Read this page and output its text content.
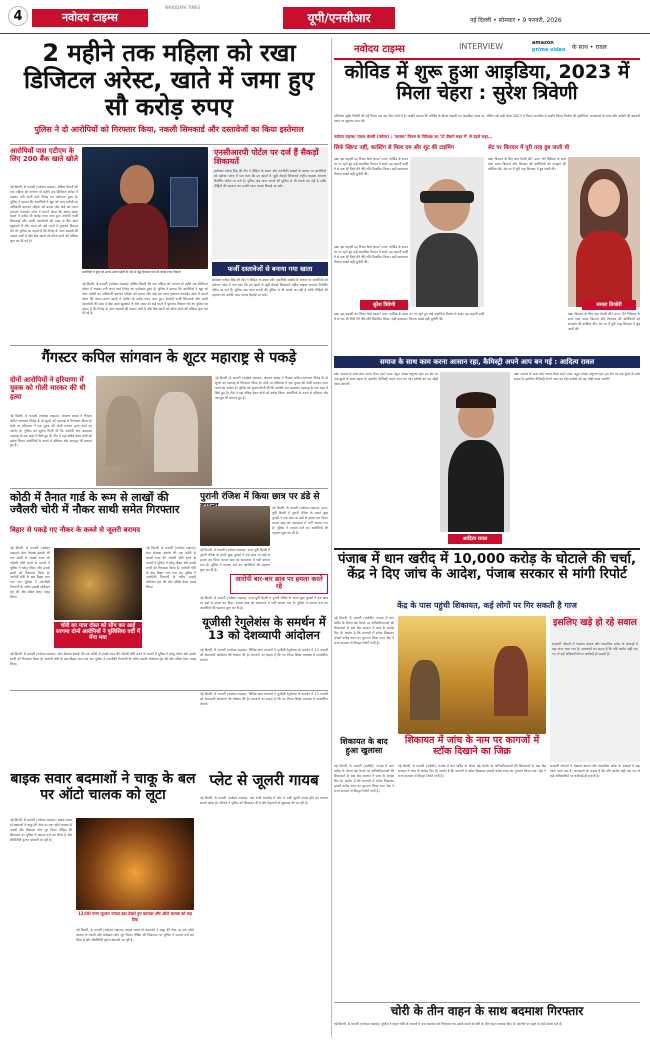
4	नवोदय टाइम्स
NAVODAYA TIMES
यूपी/एनसीआर	नई दिल्ली • सोमवार • 9 फरवरी, 2026
2 महीने तक महिला को रखा डिजिटल अरेस्ट, खाते में जमा हुए सौ करोड़ रुपए
पुलिस ने दो आरोपियों को गिरफ्तार किया, नकली सिमकार्ड और दस्तावेजों का किया इस्तेमाल
आरोपियों पास एटीएम के लिए 200 बैंक खाते खोले
आरोपियों ने कुछ को अलग-अलग खातों के नाम से वृद्ध हिरासत पता सौ करोड़ रुपए निकाले
एनसीआरपी पोर्टल पर दर्ज हैं सैकड़ों शिकायतें
इंस्पेक्टर राकेश सिंह की टीम ने पीड़िता के बयान और तकनीकी साक्ष्यों के आधार पर आरोपियों को दबोचा। जांच में पता चला कि इन खातों से जुड़ी सैकड़ों शिकायतें राष्ट्रीय साइबर अपराध रिपोर्टिंग पोर्टल पर दर्ज हैं। पुलिस अब अन्य राज्यों की पुलिस से भी संपर्क कर रही है ताकि पीड़ितों की पहचान कर उनकी रकम वापस दिलाई जा सके।
नई दिल्ली, 8 फरवरी (नवोदय टाइम्स): दक्षिण दिल्ली की एक महिला को लगभग दो महीने तक डिजिटल अरेस्ट में रखकर ठगी करने वाले गिरोह का पर्दाफाश हुआ है। पुलिस ने बताया कि आरोपियों ने खुद को जांच एजेंसी का अधिकारी बताकर महिला को डराया और कई बार रकम ट्रांसफर करवाई। जांच में सामने आया कि अलग-अलग खातों में करीब सौ करोड़ रुपए जमा हुए। आरोपी फर्जी सिमकार्ड और जाली दस्तावेजों की मदद से बैंक खाते खुलवाते थे और रकम को कई परतों में घुमाकर निकाल लेते थे। पुलिस का कहना है कि गिरोह के अन्य सदस्यों की तलाश जारी है और बैंक खातों को फ्रीज करने की प्रक्रिया शुरू कर दी गई है।
नई दिल्ली, 8 फरवरी (नवोदय टाइम्स): दक्षिण दिल्ली की एक महिला को लगभग दो महीने तक डिजिटल अरेस्ट में रखकर ठगी करने वाले गिरोह का पर्दाफाश हुआ है। पुलिस ने बताया कि आरोपियों ने खुद को जांच एजेंसी का अधिकारी बताकर महिला को डराया और कई बार रकम ट्रांसफर करवाई। जांच में सामने आया कि अलग-अलग खातों में करीब सौ करोड़ रुपए जमा हुए। आरोपी फर्जी सिमकार्ड और जाली दस्तावेजों की मदद से बैंक खाते खुलवाते थे और रकम को कई परतों में घुमाकर निकाल लेते थे। पुलिस का कहना है कि गिरोह के अन्य सदस्यों की तलाश जारी है और बैंक खातों को फ्रीज करने की प्रक्रिया शुरू कर दी गई है।
फर्जी दस्तावेजों से बनाया गया खाता
इंस्पेक्टर राकेश सिंह की टीम ने पीड़िता के बयान और तकनीकी साक्ष्यों के आधार पर आरोपियों को दबोचा। जांच में पता चला कि इन खातों से जुड़ी सैकड़ों शिकायतें राष्ट्रीय साइबर अपराध रिपोर्टिंग पोर्टल पर दर्ज हैं। पुलिस अब अन्य राज्यों की पुलिस से भी संपर्क कर रही है ताकि पीड़ितों की पहचान कर उनकी रकम वापस दिलाई जा सके।
गैंगस्टर कपिल सांगवान के शूटर महाराष्ट्र से पकड़े
दोनों आरोपियों ने हरियाणा में युवक को गोली मारकर की थी हत्या
नई दिल्ली, 8 फरवरी (नवोदय टाइम्स): अपराध शाखा ने गैंगस्टर कपिल सांगवान गिरोह के दो शूटरों को महाराष्ट्र से गिरफ्तार किया है। दोनों पर हरियाणा में एक युवक की गोली मारकर हत्या करने का आरोप है। पुलिस को सूचना मिली थी कि आरोपी नाम बदलकर महाराष्ट्र के एक शहर में छिपे हुए हैं। टीम ने वहां दबिश देकर दोनों को दबोच लिया। आरोपियों के कब्जे से हथियार और कारतूस भी बरामद हुए हैं।
नई दिल्ली, 8 फरवरी (नवोदय टाइम्स): अपराध शाखा ने गैंगस्टर कपिल सांगवान गिरोह के दो शूटरों को महाराष्ट्र से गिरफ्तार किया है। दोनों पर हरियाणा में एक युवक की गोली मारकर हत्या करने का आरोप है। पुलिस को सूचना मिली थी कि आरोपी नाम बदलकर महाराष्ट्र के एक शहर में छिपे हुए हैं। टीम ने वहां दबिश देकर दोनों को दबोच लिया। आरोपियों के कब्जे से हथियार और कारतूस भी बरामद हुए हैं।
कोठी में तैनात गार्ड के रूम से लाखों की ज्वैलरी चोरी में नौकर साथी समेत गिरफ्तार
बिहार से पकड़े गए नौकर के कब्जे से जूलरी बरामद
नई दिल्ली, 8 फरवरी (नवोदय टाइम्स): ग्रेटर कैलाश इलाके की एक कोठी से लाखों रुपए की ज्वैलरी चोरी करने के मामले में पुलिस ने घरेलू नौकर और उसके साथी को गिरफ्तार किया है। आरोपी चोरी के बाद बिहार भाग गया था। पुलिस ने तकनीकी निगरानी के जरिए उसकी लोकेशन ट्रेस की और दबिश देकर पकड़ लिया।
नई दिल्ली, 8 फरवरी (नवोदय टाइम्स): ग्रेटर कैलाश इलाके की एक कोठी से लाखों रुपए की ज्वैलरी चोरी करने के मामले में पुलिस ने घरेलू नौकर और उसके साथी को गिरफ्तार किया है। आरोपी चोरी के बाद बिहार भाग गया था। पुलिस ने तकनीकी निगरानी के जरिए उसकी लोकेशन ट्रेस की और दबिश देकर पकड़ लिया।
चोरी का माल दोस्त को सौंप कर आई सरगमा दोनों आरोपियों ने पुलिसिया वर्दी में मेंगा मया
नई दिल्ली, 8 फरवरी (नवोदय टाइम्स): ग्रेटर कैलाश इलाके की एक कोठी से लाखों रुपए की ज्वैलरी चोरी करने के मामले में पुलिस ने घरेलू नौकर और उसके साथी को गिरफ्तार किया है। आरोपी चोरी के बाद बिहार भाग गया था। पुलिस ने तकनीकी निगरानी के जरिए उसकी लोकेशन ट्रेस की और दबिश देकर पकड़ लिया।
पुरानी रंजिश में किया छात्र पर डंडे से
नई दिल्ली, 8 फरवरी (नवोदय टाइम्स): उत्तर-पूर्वी दिल्ली में पुरानी रंजिश के चलते कुछ युवकों ने एक छात्र पर डंडों से हमला कर दिया। घायल छात्र को अस्पताल में भर्ती कराया गया है। पुलिस ने मामला दर्ज कर आरोपियों की पहचान शुरू कर दी है।
नई दिल्ली, 8 फरवरी (नवोदय टाइम्स): उत्तर-पूर्वी दिल्ली में पुरानी रंजिश के चलते कुछ युवकों ने एक छात्र पर डंडों से हमला कर दिया। घायल छात्र को अस्पताल में भर्ती कराया गया है। पुलिस ने मामला दर्ज कर आरोपियों की पहचान शुरू कर दी है।
आरोपी बार-बार छात्र पर हमला करते रहे
नई दिल्ली, 8 फरवरी (नवोदय टाइम्स): उत्तर-पूर्वी दिल्ली में पुरानी रंजिश के चलते कुछ युवकों ने एक छात्र पर डंडों से हमला कर दिया। घायल छात्र को अस्पताल में भर्ती कराया गया है। पुलिस ने मामला दर्ज कर आरोपियों की पहचान शुरू कर दी है।
यूजीसी रेगुलेशंस के समर्थन में 13 को देशव्यापी आंदोलन
नई दिल्ली, 8 फरवरी (नवोदय टाइम्स): विभिन्न छात्र संगठनों ने यूजीसी रेगुलेशंस के समर्थन में 13 फरवरी को देशव्यापी आंदोलन की घोषणा की है। संगठनों का कहना है कि नए नियम शिक्षा व्यवस्था में पारदर्शिता लाएंगे।
नई दिल्ली, 8 फरवरी (नवोदय टाइम्स): विभिन्न छात्र संगठनों ने यूजीसी रेगुलेशंस के समर्थन में 13 फरवरी को देशव्यापी आंदोलन की घोषणा की है। संगठनों का कहना है कि नए नियम शिक्षा व्यवस्था में पारदर्शिता लाएंगे।
बाइक सवार बदमाशों ने चाकू के बल पर ऑटो चालक को लूटा
नई दिल्ली, 8 फरवरी (नवोदय टाइम्स): बाइक सवार दो बदमाशों ने चाकू की नोक पर एक ऑटो चालक से नकदी और मोबाइल फोन लूट लिया। पीड़ित की शिकायत पर पुलिस ने मामला दर्ज कर लिया है और सीसीटीवी फुटेज खंगाली जा रही है।
12:00 रुपए लूटकर ज्यादा डंडा देखते हुए बदमाश और ऑटो चालक को कह दिया
नई दिल्ली, 8 फरवरी (नवोदय टाइम्स): बाइक सवार दो बदमाशों ने चाकू की नोक पर एक ऑटो चालक से नकदी और मोबाइल फोन लूट लिया। पीड़ित की शिकायत पर पुलिस ने मामला दर्ज कर लिया है और सीसीटीवी फुटेज खंगाली जा रही है।
प्लेट से जूलरी गायब
नई दिल्ली, 8 फरवरी (नवोदय टाइम्स): एक शादी समारोह में प्लेट में रखी जूलरी गायब होने का मामला सामने आया है। परिवार ने पुलिस को शिकायत दी है और मेहमानों से पूछताछ की जा रही है।
नवोदय टाइम्स	INTERVIEW	amazon
prime video के साथ • रावल
कोविड में शुरू हुआ आइडिया, 2023 में मिला चेहरा : सुरेश त्रिवेणी
अभिनेता सुरेश त्रिवेणी की नई फिल्म एक बार फिर चर्चा में है। उन्होंने बताया कि कोविड के दौरान कहानी का आइडिया आया था, लेकिन उसे सही चेहरा 2023 में मिला। बातचीत में उन्होंने फिल्म निर्माण की चुनौतियों, कलाकारों के चयन और दर्शकों की बदलती पसंद पर खुलकर बात की।
नवोदय टाइम्स/ पंकज केसरी (फ्लेयर) : ‘जलसा’ फिल्म के निर्देशक का ‘दो दीवाने सहर में’ से पहले कहा...
सिर्फ स्क्रिप्ट नहीं, कास्टिंग से मिला दम और शूट की टाइमिंग	सेट पर किरदार में पूरी तरह डूब जाती थी
प्रश्न: इस कहानी का विचार कैसे आया? उत्तर: कोविड के समय घर पर रहते हुए कई कहानियां दिमाग में आईं। यह कहानी उन्हीं में से एक थी जिसे मैंने धीरे-धीरे विकसित किया। सही कलाकार मिलना सबसे बड़ी चुनौती थी।
सुरेश त्रिवेणी
प्रश्न: इस कहानी का विचार कैसे आया? उत्तर: कोविड के समय घर पर रहते हुए कई कहानियां दिमाग में आईं। यह कहानी उन्हीं में से एक थी जिसे मैंने धीरे-धीरे विकसित किया। सही कलाकार मिलना सबसे बड़ी चुनौती थी।
प्रश्न: इस कहानी का विचार कैसे आया? उत्तर: कोविड के समय घर पर रहते हुए कई कहानियां दिमाग में आईं। यह कहानी उन्हीं में से एक थी जिसे मैंने धीरे-धीरे विकसित किया। सही कलाकार मिलना सबसे बड़ी चुनौती थी।
समारा तिजोरी
प्रश्न: किरदार के लिए क्या तैयारी की? उत्तर: मैंने निर्देशक के साथ लंबा समय बिताया और किरदार की बारीकियों को समझने की कोशिश की। सेट पर मैं पूरी तरह किरदार में डूब जाती थी।
प्रश्न: किरदार के लिए क्या तैयारी की? उत्तर: मैंने निर्देशक के साथ लंबा समय बिताया और किरदार की बारीकियों को समझने की कोशिश की। सेट पर मैं पूरी तरह किरदार में डूब जाती थी।
समाज के साथ काम करना आसान रहा, कैमिस्ट्री अपने आप बन गई : आदित्य रावल
प्रश्न: समाज के साथ काम करना कैसा रहा? उत्तर: बहुत अच्छा अनुभव रहा। हम सेट पर एक-दूसरे के साथ सहज थे, इसलिए कैमिस्ट्री अपने आप बन गई। दर्शकों को यह जोड़ी पसंद आएगी।
आदित्य रावल
प्रश्न: समाज के साथ काम करना कैसा रहा? उत्तर: बहुत अच्छा अनुभव रहा। हम सेट पर एक-दूसरे के साथ सहज थे, इसलिए कैमिस्ट्री अपने आप बन गई। दर्शकों को यह जोड़ी पसंद आएगी।
पंजाब में धान खरीद में 10,000 करोड़ के घोटाले की चर्चा, केंद्र ने दिए जांच के आदेश, पंजाब सरकार से मांगी रिपोर्ट
केंद्र के पास पहुंची शिकायत, कई लोगों पर गिर सकती है गाज
नई दिल्ली, 8 फरवरी (एजेंसी): पंजाब में धान खरीद के दौरान बड़े पैमाने पर अनियमितताओं की शिकायतों के बाद केंद्र सरकार ने जांच के आदेश दिए हैं। आरोप है कि कागजों में स्टॉक दिखाकर हजारों करोड़ रुपए का भुगतान किया गया। केंद्र ने राज्य सरकार से विस्तृत रिपोर्ट मांगी है।
इसलिए खड़े हो रहे सवाल
सरकारी गोदामों में भंडारण क्षमता और वास्तविक स्टॉक के आंकड़ों में बड़ा अंतर पाया गया है। जानकारों का कहना है कि यदि आरोप सही पाए गए तो कई अधिकारियों पर कार्रवाई हो सकती है।
शिकायत में जांच के नाम पर कागजों में स्टॉक दिखाने का जिक्र
शिकायत के बाद हुआ खुलासा
नई दिल्ली, 8 फरवरी (एजेंसी): पंजाब में धान खरीद के दौरान बड़े पैमाने पर अनियमितताओं की शिकायतों के बाद केंद्र सरकार ने जांच के आदेश दिए हैं। आरोप है कि कागजों में स्टॉक दिखाकर हजारों करोड़ रुपए का भुगतान किया गया। केंद्र ने राज्य सरकार से विस्तृत रिपोर्ट मांगी है।
नई दिल्ली, 8 फरवरी (एजेंसी): पंजाब में धान खरीद के दौरान बड़े पैमाने पर अनियमितताओं की शिकायतों के बाद केंद्र सरकार ने जांच के आदेश दिए हैं। आरोप है कि कागजों में स्टॉक दिखाकर हजारों करोड़ रुपए का भुगतान किया गया। केंद्र ने राज्य सरकार से विस्तृत रिपोर्ट मांगी है।
सरकारी गोदामों में भंडारण क्षमता और वास्तविक स्टॉक के आंकड़ों में बड़ा अंतर पाया गया है। जानकारों का कहना है कि यदि आरोप सही पाए गए तो कई अधिकारियों पर कार्रवाई हो सकती है।
चोरी के तीन वाहन के साथ बदमाश गिरफ्तार
नई दिल्ली, 8 फरवरी (नवोदय टाइम्स): पुलिस ने वाहन चोरी के मामलों में एक बदमाश को गिरफ्तार कर उसके कब्जे से चोरी के तीन वाहन बरामद किए हैं। आरोपी पर पहले से कई मामले दर्ज हैं।
